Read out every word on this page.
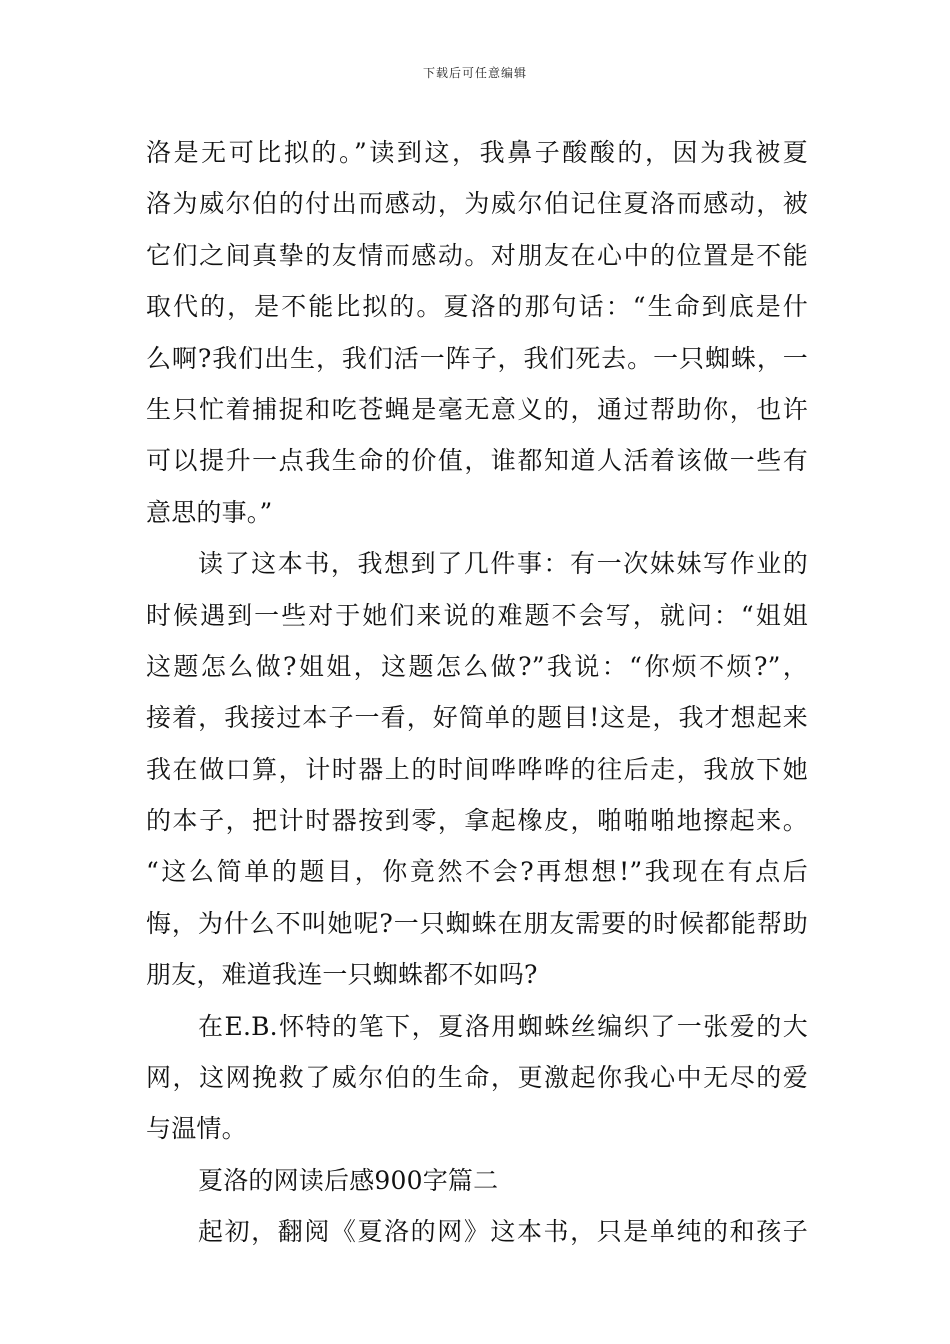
下载后可任意编辑
洛是无可比拟的。”读到这，我鼻子酸酸的，因为我被夏
洛为威尔伯的付出而感动，为威尔伯记住夏洛而感动，被
它们之间真挚的友情而感动。对朋友在心中的位置是不能
取代的，是不能比拟的。夏洛的那句话：“生命到底是什
么啊?我们出生，我们活一阵子，我们死去。一只蜘蛛，一
生只忙着捕捉和吃苍蝇是毫无意义的，通过帮助你，也许
可以提升一点我生命的价值，谁都知道人活着该做一些有
意思的事。”
读了这本书，我想到了几件事：有一次妹妹写作业的
时候遇到一些对于她们来说的难题不会写，就问：“姐姐
这题怎么做?姐姐，这题怎么做?”我说：“你烦不烦?”，
接着，我接过本子一看，好简单的题目!这是，我才想起来
我在做口算，计时器上的时间哗哗哗的往后走，我放下她
的本子，把计时器按到零，拿起橡皮，啪啪啪地擦起来。
“这么简单的题目，你竟然不会?再想想!”我现在有点后
悔，为什么不叫她呢?一只蜘蛛在朋友需要的时候都能帮助
朋友，难道我连一只蜘蛛都不如吗?
在E.B.怀特的笔下，夏洛用蜘蛛丝编织了一张爱的大
网，这网挽救了威尔伯的生命，更激起你我心中无尽的爱
与温情。
夏洛的网读后感900字篇二
起初，翻阅《夏洛的网》这本书，只是单纯的和孩子
